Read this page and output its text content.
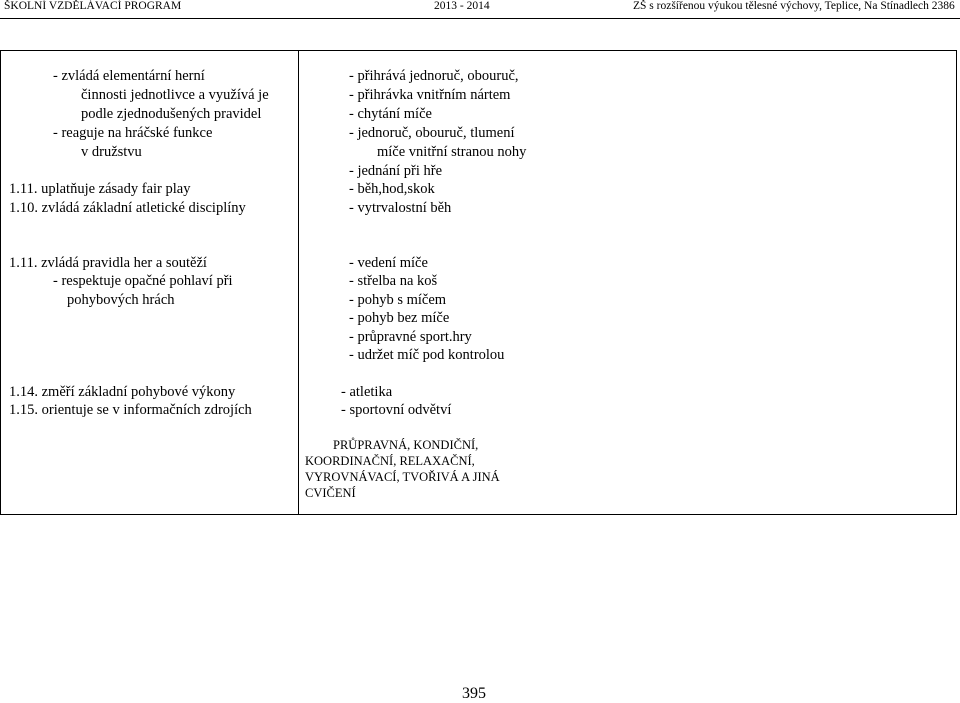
ŠKOLNÍ VZDĚLÁVACÍ PROGRAM	2013 - 2014	ZŠ s rozšířenou výukou tělesné výchovy, Teplice, Na Stínadlech 2386
- zvládá elementární herní
činnosti jednotlivce a využívá je
podle zjednodušených pravidel
- reaguje na hráčské funkce
v družstvu
1.11. uplatňuje zásady fair play
1.10. zvládá základní atletické disciplíny
1.11. zvládá pravidla her a soutěží
- respektuje opačné pohlaví při
pohybových hrách
1.14. změří základní pohybové výkony
1.15. orientuje se v informačních zdrojích
- přihrává jednoruč, obouruč,
- přihrávka vnitřním nártem
- chytání míče
- jednoruč, obouruč, tlumení
míče vnitřní stranou nohy
- jednání při hře
- běh,hod,skok
- vytrvalostní běh
- vedení míče
- střelba na koš
- pohyb s míčem
- pohyb bez míče
- průpravné sport.hry
- udržet míč pod kontrolou
- atletika
- sportovní odvětví
PRŮPRAVNÁ, KONDIČNÍ,
KOORDINAČNÍ, RELAXAČNÍ,
VYROVNÁVACÍ, TVOŘIVÁ A JINÁ
CVIČENÍ
395
